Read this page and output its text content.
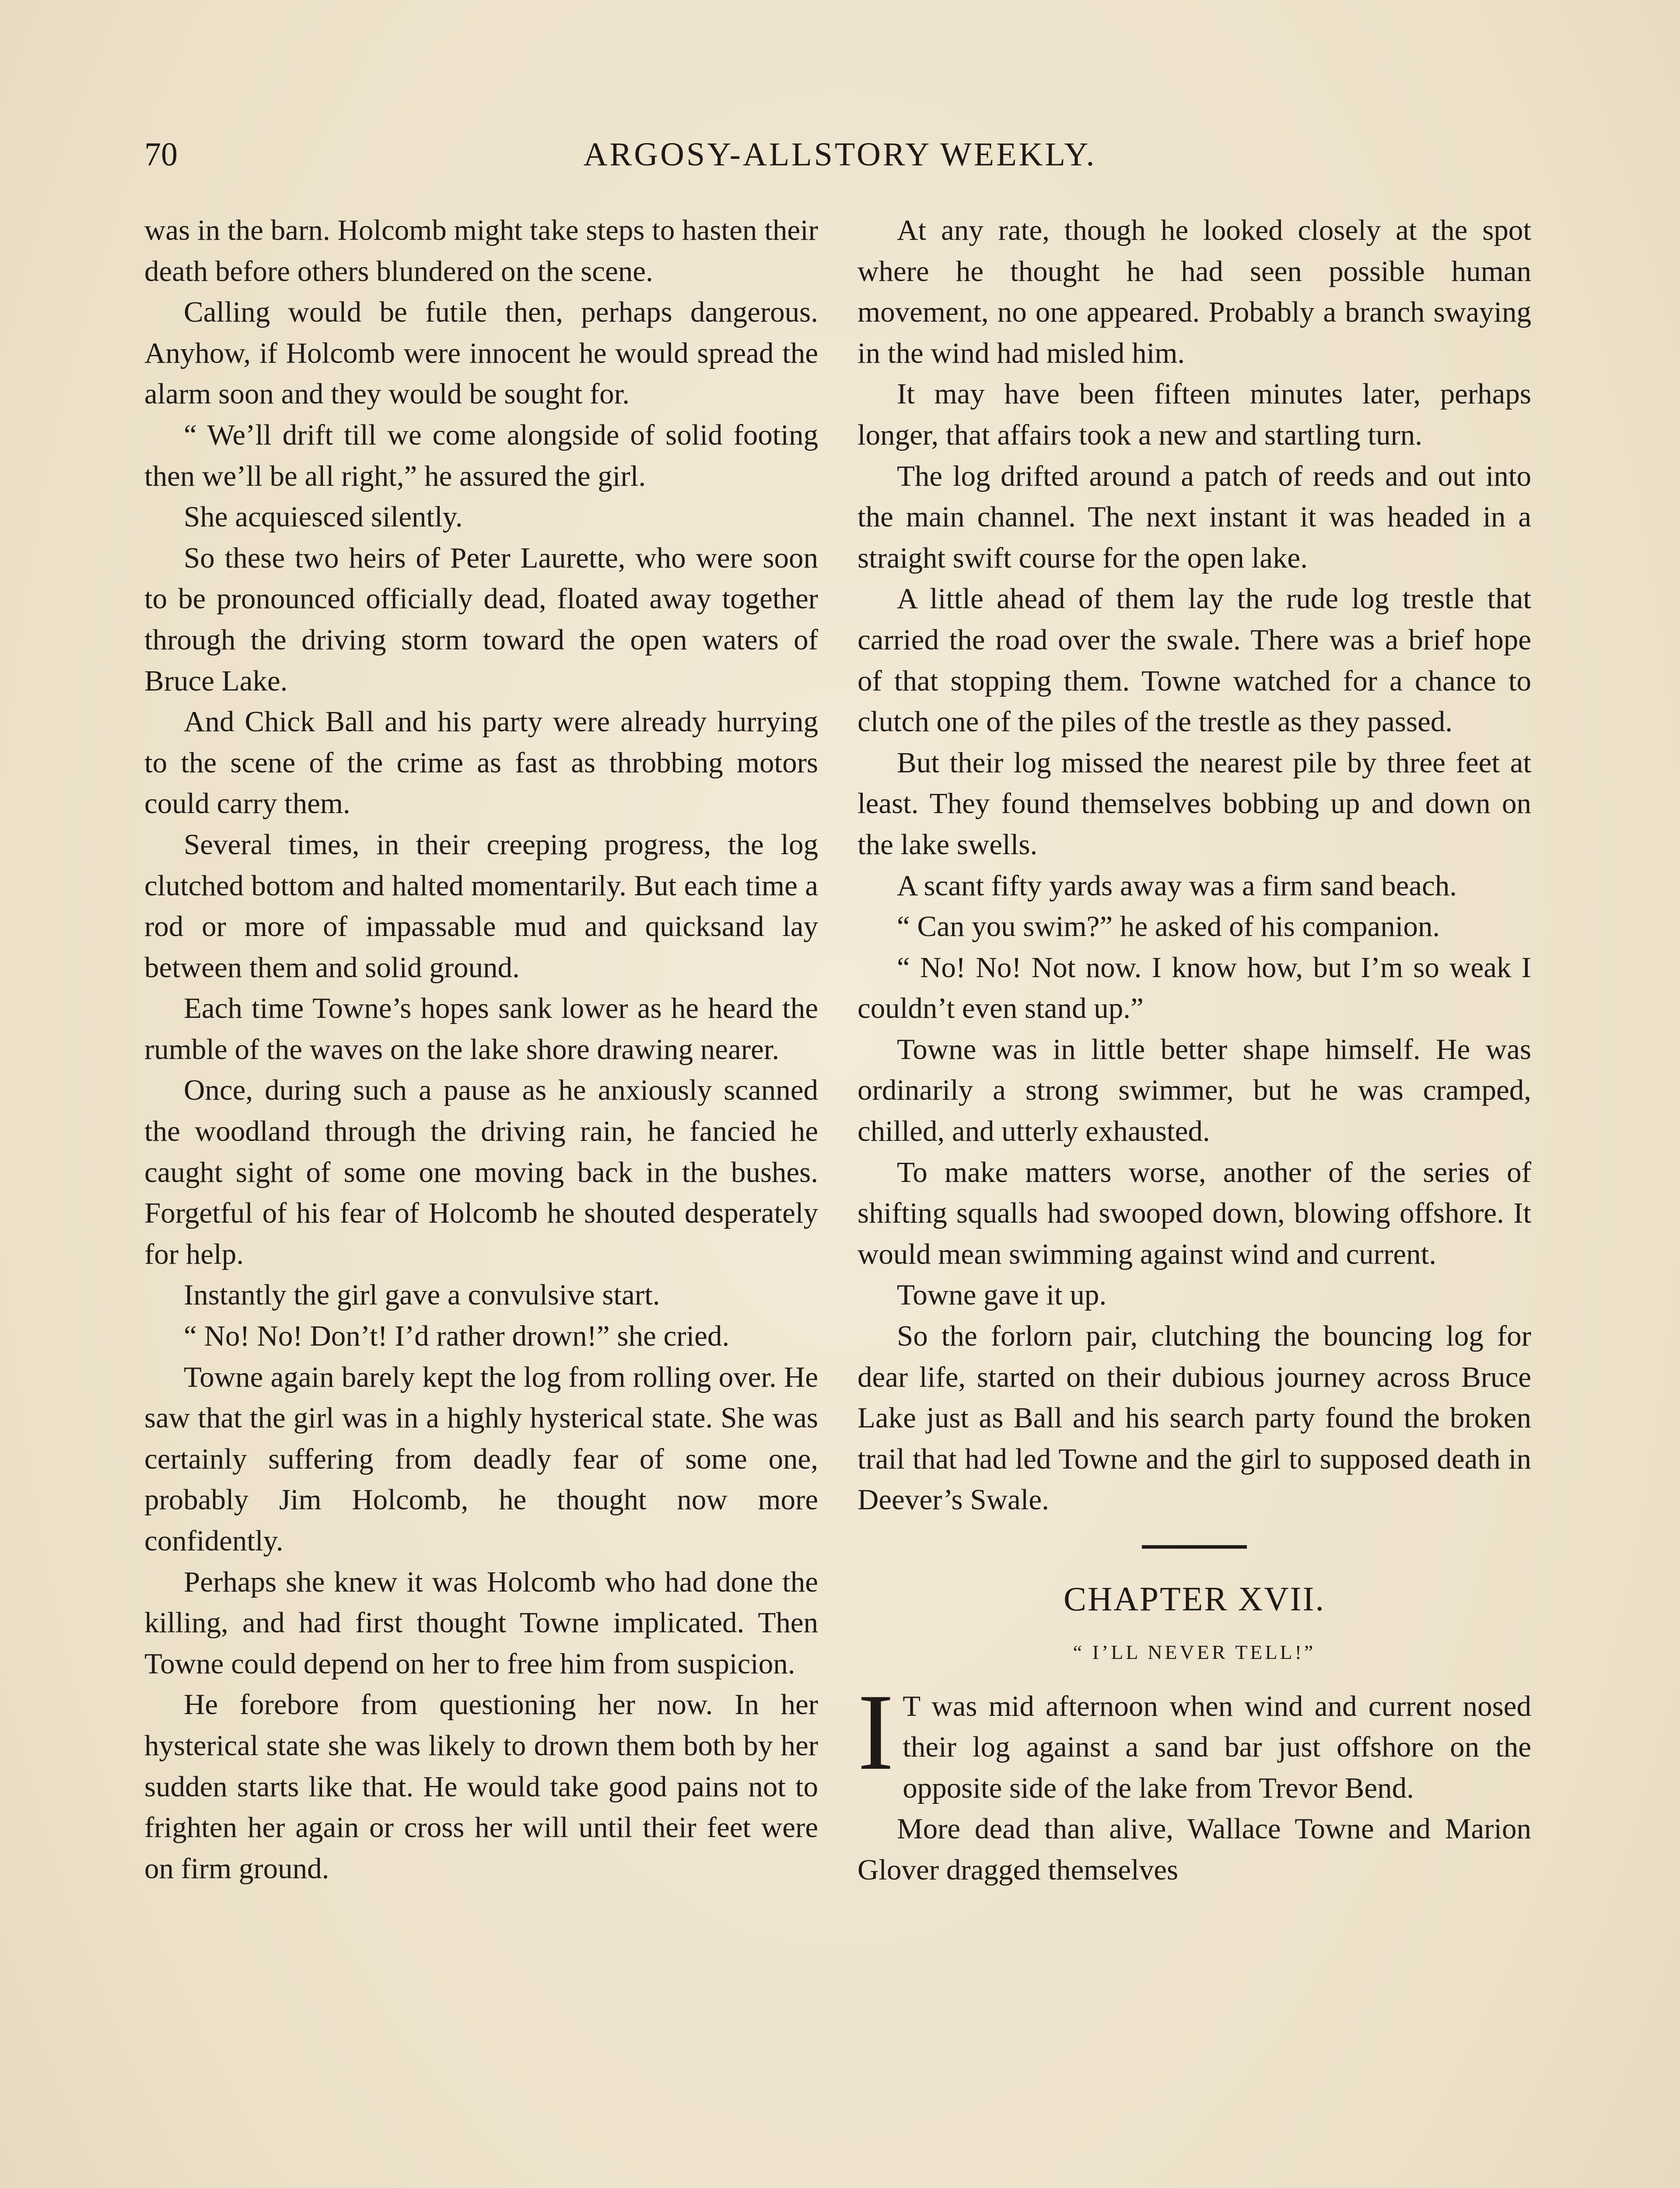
70	ARGOSY-ALLSTORY WEEKLY.

was in the barn. Holcomb might take steps to hasten their death before others blundered on the scene.

Calling would be futile then, perhaps dangerous. Anyhow, if Holcomb were innocent he would spread the alarm soon and they would be sought for.

“ We’ll drift till we come alongside of solid footing then we’ll be all right,” he assured the girl.

She acquiesced silently.

So these two heirs of Peter Laurette, who were soon to be pronounced officially dead, floated away together through the driving storm toward the open waters of Bruce Lake.

And Chick Ball and his party were already hurrying to the scene of the crime as fast as throbbing motors could carry them.

Several times, in their creeping progress, the log clutched bottom and halted momentarily. But each time a rod or more of impassable mud and quicksand lay between them and solid ground.

Each time Towne’s hopes sank lower as he heard the rumble of the waves on the lake shore drawing nearer.

Once, during such a pause as he anxiously scanned the woodland through the driving rain, he fancied he caught sight of some one moving back in the bushes. Forgetful of his fear of Holcomb he shouted desperately for help.

Instantly the girl gave a convulsive start.

“ No! No! Don’t! I’d rather drown!” she cried.

Towne again barely kept the log from rolling over. He saw that the girl was in a highly hysterical state. She was certainly suffering from deadly fear of some one, probably Jim Holcomb, he thought now more confidently.

Perhaps she knew it was Holcomb who had done the killing, and had first thought Towne implicated. Then Towne could depend on her to free him from suspicion.

He forebore from questioning her now. In her hysterical state she was likely to drown them both by her sudden starts like that. He would take good pains not to frighten her again or cross her will until their feet were on firm ground.

At any rate, though he looked closely at the spot where he thought he had seen possible human movement, no one appeared. Probably a branch swaying in the wind had misled him.

It may have been fifteen minutes later, perhaps longer, that affairs took a new and startling turn.

The log drifted around a patch of reeds and out into the main channel. The next instant it was headed in a straight swift course for the open lake.

A little ahead of them lay the rude log trestle that carried the road over the swale. There was a brief hope of that stopping them. Towne watched for a chance to clutch one of the piles of the trestle as they passed.

But their log missed the nearest pile by three feet at least. They found themselves bobbing up and down on the lake swells.

A scant fifty yards away was a firm sand beach.

“ Can you swim?” he asked of his companion.

“ No! No! Not now. I know how, but I’m so weak I couldn’t even stand up.”

Towne was in little better shape himself. He was ordinarily a strong swimmer, but he was cramped, chilled, and utterly exhausted.

To make matters worse, another of the series of shifting squalls had swooped down, blowing offshore. It would mean swimming against wind and current.

Towne gave it up.

So the forlorn pair, clutching the bouncing log for dear life, started on their dubious journey across Bruce Lake just as Ball and his search party found the broken trail that had led Towne and the girl to supposed death in Deever’s Swale.

CHAPTER XVII.
“ I’LL NEVER TELL!”

I T was mid afternoon when wind and current nosed their log against a sand bar just offshore on the opposite side of the lake from Trevor Bend.

More dead than alive, Wallace Towne and Marion Glover dragged themselves
